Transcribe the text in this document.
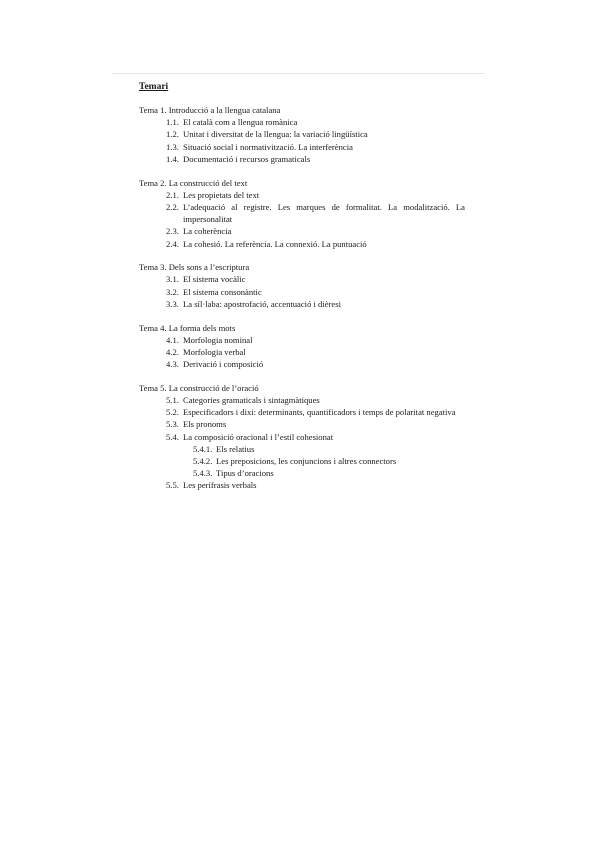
Temari

Tema 1. Introducció a la llengua catalana

1.1. El català com a llengua romànica
1.2. Unitat i diversitat de la llengua: la variació lingüística
1.3. Situació social i normativització. La interferència
1.4. Documentació i recursos gramaticals

Tema 2. La construcció del text

2.1. Les propietats del text
2.2. L’adequació al registre. Les marques de formalitat. La modalització. La impersonalitat
2.3. La coherència
2.4. La cohesió. La referència. La connexió. La puntuació

Tema 3. Dels sons a l’escriptura

3.1. El sistema vocàlic
3.2. El sistema consonàntic
3.3. La síl·laba: apostrofació, accentuació i dièresi

Tema 4. La forma dels mots

4.1. Morfologia nominal
4.2. Morfologia verbal
4.3. Derivació i composició

Tema 5. La construcció de l’oració

5.1. Categories gramaticals i sintagmàtiques
5.2. Especificadors i dixi: determinants, quantificadors i temps de polaritat negativa
5.3. Els pronoms
5.4. La composició oracional i l’estil cohesionat
5.4.1. Els relatius
5.4.2. Les preposicions, les conjuncions i altres connectors
5.4.3. Tipus d’oracions
5.5. Les perífrasis verbals
